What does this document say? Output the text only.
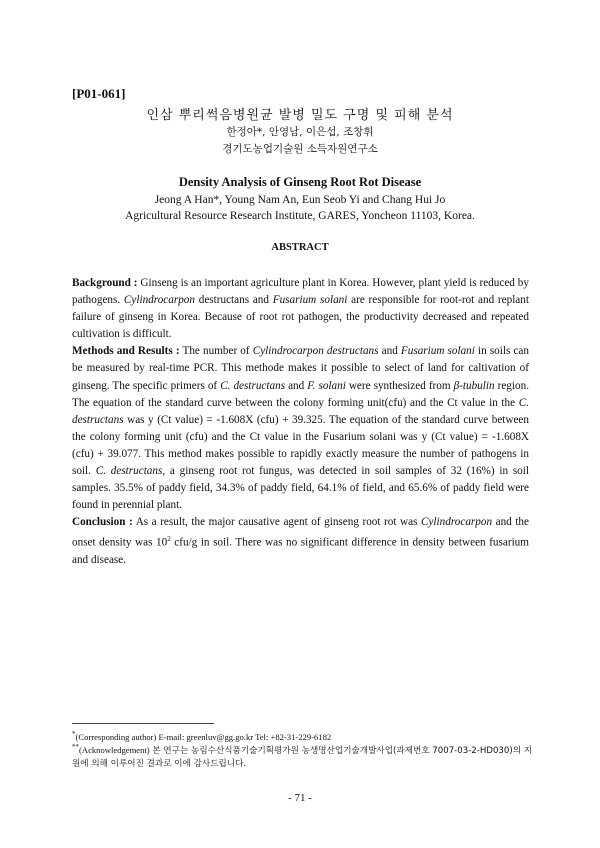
[P01-061]
인삼 뿌리썩음병원균 발병 밀도 구명 및 피해 분석
한정아*, 안영남, 이은섭, 조창휘
경기도농업기술원 소득자원연구소
Density Analysis of Ginseng Root Rot Disease
Jeong A Han*, Young Nam An, Eun Seob Yi and Chang Hui Jo
Agricultural Resource Research Institute, GARES, Yoncheon 11103, Korea.
ABSTRACT

Background : Ginseng is an important agriculture plant in Korea. However, plant yield is reduced by pathogens. Cylindrocarpon destructans and Fusarium solani are responsible for root-rot and replant failure of ginseng in Korea. Because of root rot pathogen, the productivity decreased and repeated cultivation is difficult.

Methods and Results : The number of Cylindrocarpon destructans and Fusarium solani in soils can be measured by real-time PCR. This methode makes it possible to select of land for caltivation of ginseng. The specific primers of C. destructans and F. solani were synthesized from β-tubulin region. The equation of the standard curve between the colony forming unit(cfu) and the Ct value in the C. destructans was y (Ct value) = -1.608X (cfu) + 39.325. The equation of the standard curve between the colony forming unit (cfu) and the Ct value in the Fusarium solani was y (Ct value) = -1.608X (cfu) + 39.077. This method makes possible to rapidly exactly measure the number of pathogens in soil. C. destructans, a ginseng root rot fungus, was detected in soil samples of 32 (16%) in soil samples. 35.5% of paddy field, 34.3% of paddy field, 64.1% of field, and 65.6% of paddy field were found in perennial plant.

Conclusion : As a result, the major causative agent of ginseng root rot was Cylindrocarpon and the onset density was $10^2$ cfu/g in soil. There was no significant difference in density between fusarium and disease.

*(Corresponding author) E-mail: greenluv@gg.go.kr Tel: +82-31-229-6182
**(Acknowledgement) 본 연구는 농림수산식품기술기획평가원 농생명산업기술개발사업(과제번호 7007-03-2-HD030)의 지원에 의해 이루어진 결과로 이에 감사드립니다.
- 71 -
